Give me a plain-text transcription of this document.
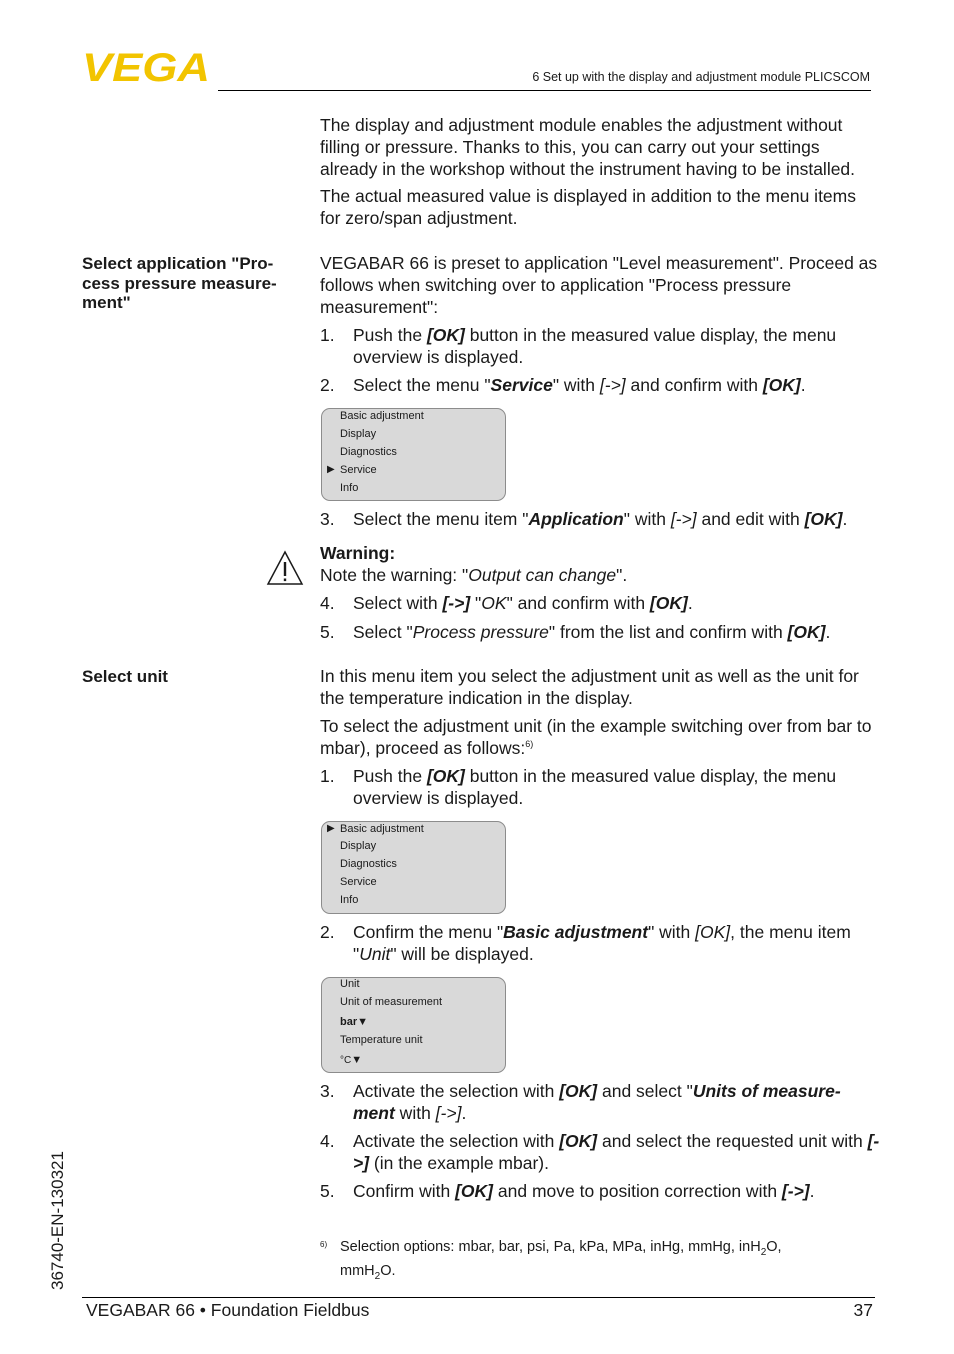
VEGA	6 Set up with the display and adjustment module PLICSCOM

The display and adjustment module enables the adjustment without filling or pressure. Thanks to this, you can carry out your settings already in the workshop without the instrument having to be installed.

The actual measured value is displayed in addition to the menu items for zero/span adjustment.

Select application "Pro-cess pressure measure-ment"

VEGABAR 66 is preset to application "Level measurement". Proceed as follows when switching over to application "Process pressure measurement":

1. Push the [OK] button in the measured value display, the menu overview is displayed.
2. Select the menu "Service" with [->] and confirm with [OK].
Basic adjustment
Display
Diagnostics
▶ Service
Info
3. Select the menu item "Application" with [->] and edit with [OK].
Warning:
Note the warning: "Output can change".
4. Select with [->] "OK" and confirm with [OK].
5. Select "Process pressure" from the list and confirm with [OK].
Select unit	In this menu item you select the adjustment unit as well as the unit for the temperature indication in the display.

To select the adjustment unit (in the example switching over from bar to mbar), proceed as follows:$^{6)}$

1. Push the [OK] button in the measured value display, the menu overview is displayed.
▶ Basic adjustment
Display
Diagnostics
Service
Info
2. Confirm the menu "Basic adjustment" with [OK], the menu item "Unit" will be displayed.
Unit
Unit of measurement
bar▼
Temperature unit
°C▼
3. Activate the selection with [OK] and select "Units of measure-ment with [->].
4. Activate the selection with [OK] and select the requested unit with [->] (in the example mbar).
5. Confirm with [OK] and move to position correction with [->].
6) Selection options: mbar, bar, psi, Pa, kPa, MPa, inHg, mmHg, inH$_2$O,
mmH$_2$O.
36740-EN-130321
VEGABAR 66 • Foundation Fieldbus	37
